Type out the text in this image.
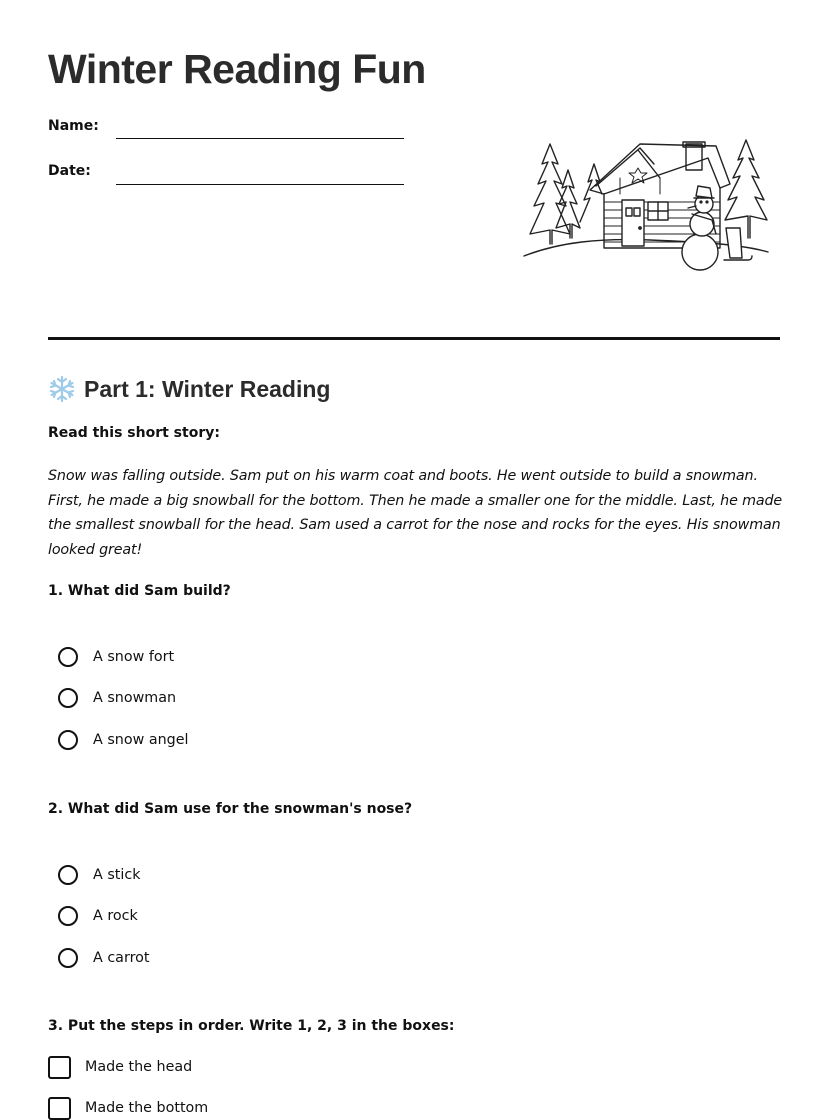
Winter Reading Fun
Name:
Date:
Part 1: Winter Reading
Read this short story:

Snow was falling outside. Sam put on his warm coat and boots. He went outside to build a snowman. First, he made a big snowball for the bottom. Then he made a smaller one for the middle. Last, he made the smallest snowball for the head. Sam used a carrot for the nose and rocks for the eyes. His snowman looked great!

1. What did Sam build?
A snow fort
A snowman
A snow angel
2. What did Sam use for the snowman's nose?
A stick
A rock
A carrot
3. Put the steps in order. Write 1, 2, 3 in the boxes:
Made the head
Made the bottom
